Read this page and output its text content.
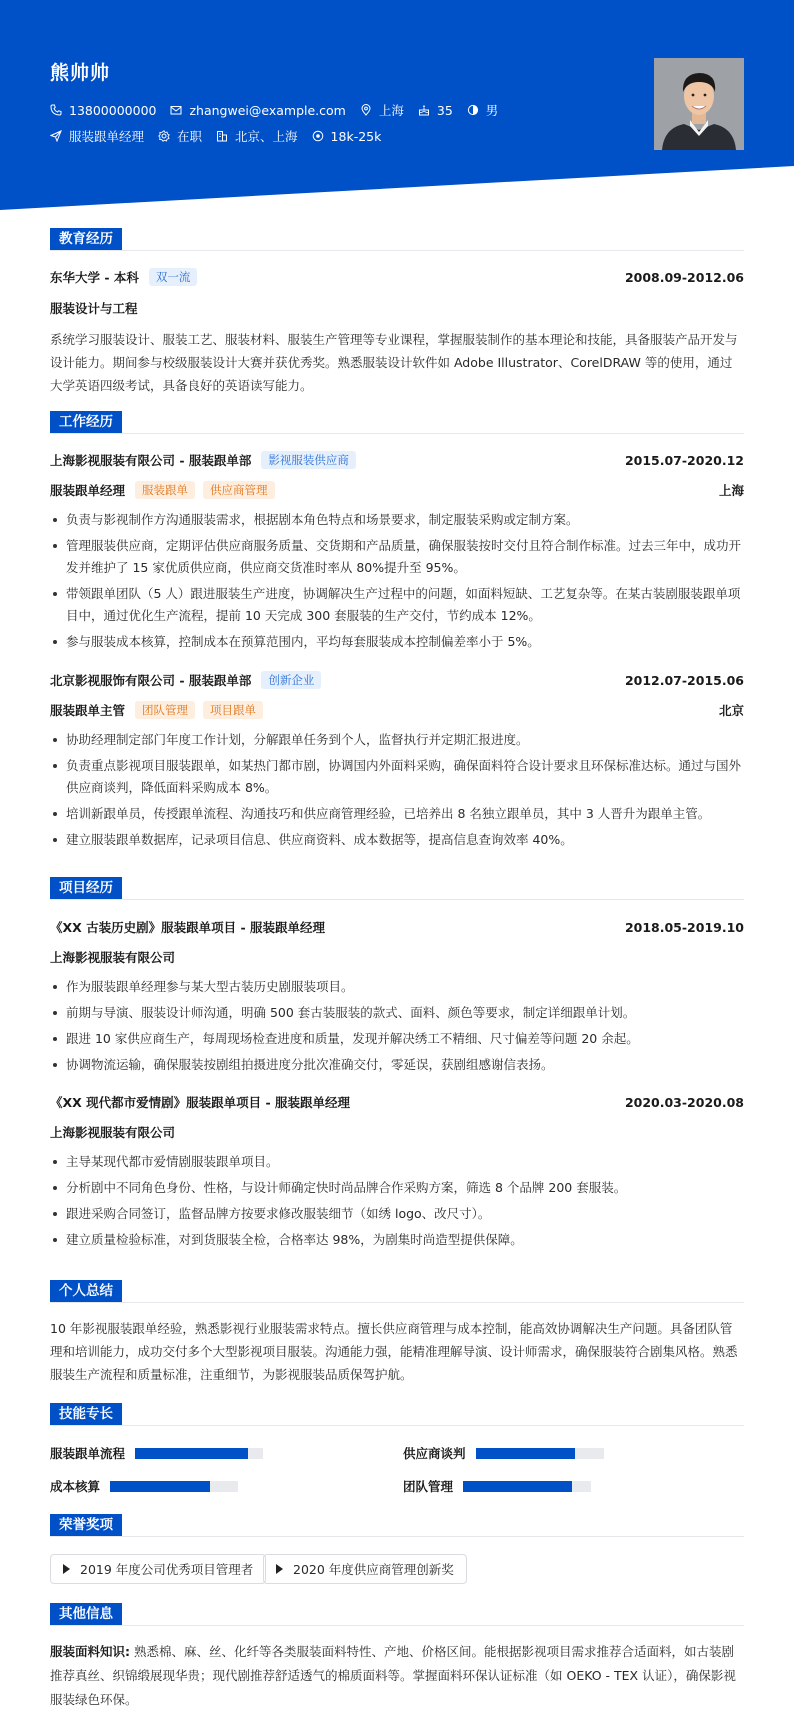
熊帅帅
13800000000	zhangwei@example.com	上海	35	男
服装跟单经理	在职	北京、上海	18k-25k
教育经历
东华大学 - 本科	双一流	2008.09-2012.06
服装设计与工程
系统学习服装设计、服装工艺、服装材料、服装生产管理等专业课程，掌握服装制作的基本理论和技能，具备服装产品开发与设计能力。期间参与校级服装设计大赛并获优秀奖。熟悉服装设计软件如 Adobe Illustrator、CorelDRAW 等的使用，通过大学英语四级考试，具备良好的英语读写能力。
工作经历
上海影视服装有限公司 - 服装跟单部	影视服装供应商	2015.07-2020.12
服装跟单经理	服装跟单	供应商管理	上海
负责与影视制作方沟通服装需求，根据剧本角色特点和场景要求，制定服装采购或定制方案。
管理服装供应商，定期评估供应商服务质量、交货期和产品质量，确保服装按时交付且符合制作标准。过去三年中，成功开发并维护了 15 家优质供应商，供应商交货准时率从 80%提升至 95%。
带领跟单团队（5 人）跟进服装生产进度，协调解决生产过程中的问题，如面料短缺、工艺复杂等。在某古装剧服装跟单项目中，通过优化生产流程，提前 10 天完成 300 套服装的生产交付，节约成本 12%。
参与服装成本核算，控制成本在预算范围内，平均每套服装成本控制偏差率小于 5%。
北京影视服饰有限公司 - 服装跟单部	创新企业	2012.07-2015.06
服装跟单主管	团队管理	项目跟单	北京
协助经理制定部门年度工作计划，分解跟单任务到个人，监督执行并定期汇报进度。
负责重点影视项目服装跟单，如某热门都市剧，协调国内外面料采购，确保面料符合设计要求且环保标准达标。通过与国外供应商谈判，降低面料采购成本 8%。
培训新跟单员，传授跟单流程、沟通技巧和供应商管理经验，已培养出 8 名独立跟单员，其中 3 人晋升为跟单主管。
建立服装跟单数据库，记录项目信息、供应商资料、成本数据等，提高信息查询效率 40%。
项目经历
《XX 古装历史剧》服装跟单项目 - 服装跟单经理	2018.05-2019.10
上海影视服装有限公司
作为服装跟单经理参与某大型古装历史剧服装项目。
前期与导演、服装设计师沟通，明确 500 套古装服装的款式、面料、颜色等要求，制定详细跟单计划。
跟进 10 家供应商生产，每周现场检查进度和质量，发现并解决绣工不精细、尺寸偏差等问题 20 余起。
协调物流运输，确保服装按剧组拍摄进度分批次准确交付，零延误，获剧组感谢信表扬。
《XX 现代都市爱情剧》服装跟单项目 - 服装跟单经理	2020.03-2020.08
上海影视服装有限公司
主导某现代都市爱情剧服装跟单项目。
分析剧中不同角色身份、性格，与设计师确定快时尚品牌合作采购方案，筛选 8 个品牌 200 套服装。
跟进采购合同签订，监督品牌方按要求修改服装细节（如绣 logo、改尺寸）。
建立质量检验标准，对到货服装全检，合格率达 98%，为剧集时尚造型提供保障。
个人总结
10 年影视服装跟单经验，熟悉影视行业服装需求特点。擅长供应商管理与成本控制，能高效协调解决生产问题。具备团队管理和培训能力，成功交付多个大型影视项目服装。沟通能力强，能精准理解导演、设计师需求，确保服装符合剧集风格。熟悉服装生产流程和质量标准，注重细节，为影视服装品质保驾护航。
技能专长
服装跟单流程	供应商谈判
成本核算	团队管理
荣誉奖项
2019 年度公司优秀项目管理者	2020 年度供应商管理创新奖
其他信息
服装面料知识: 熟悉棉、麻、丝、化纤等各类服装面料特性、产地、价格区间。能根据影视项目需求推荐合适面料，如古装剧推荐真丝、织锦缎展现华贵；现代剧推荐舒适透气的棉质面料等。掌握面料环保认证标准（如 OEKO - TEX 认证），确保影视服装绿色环保。
